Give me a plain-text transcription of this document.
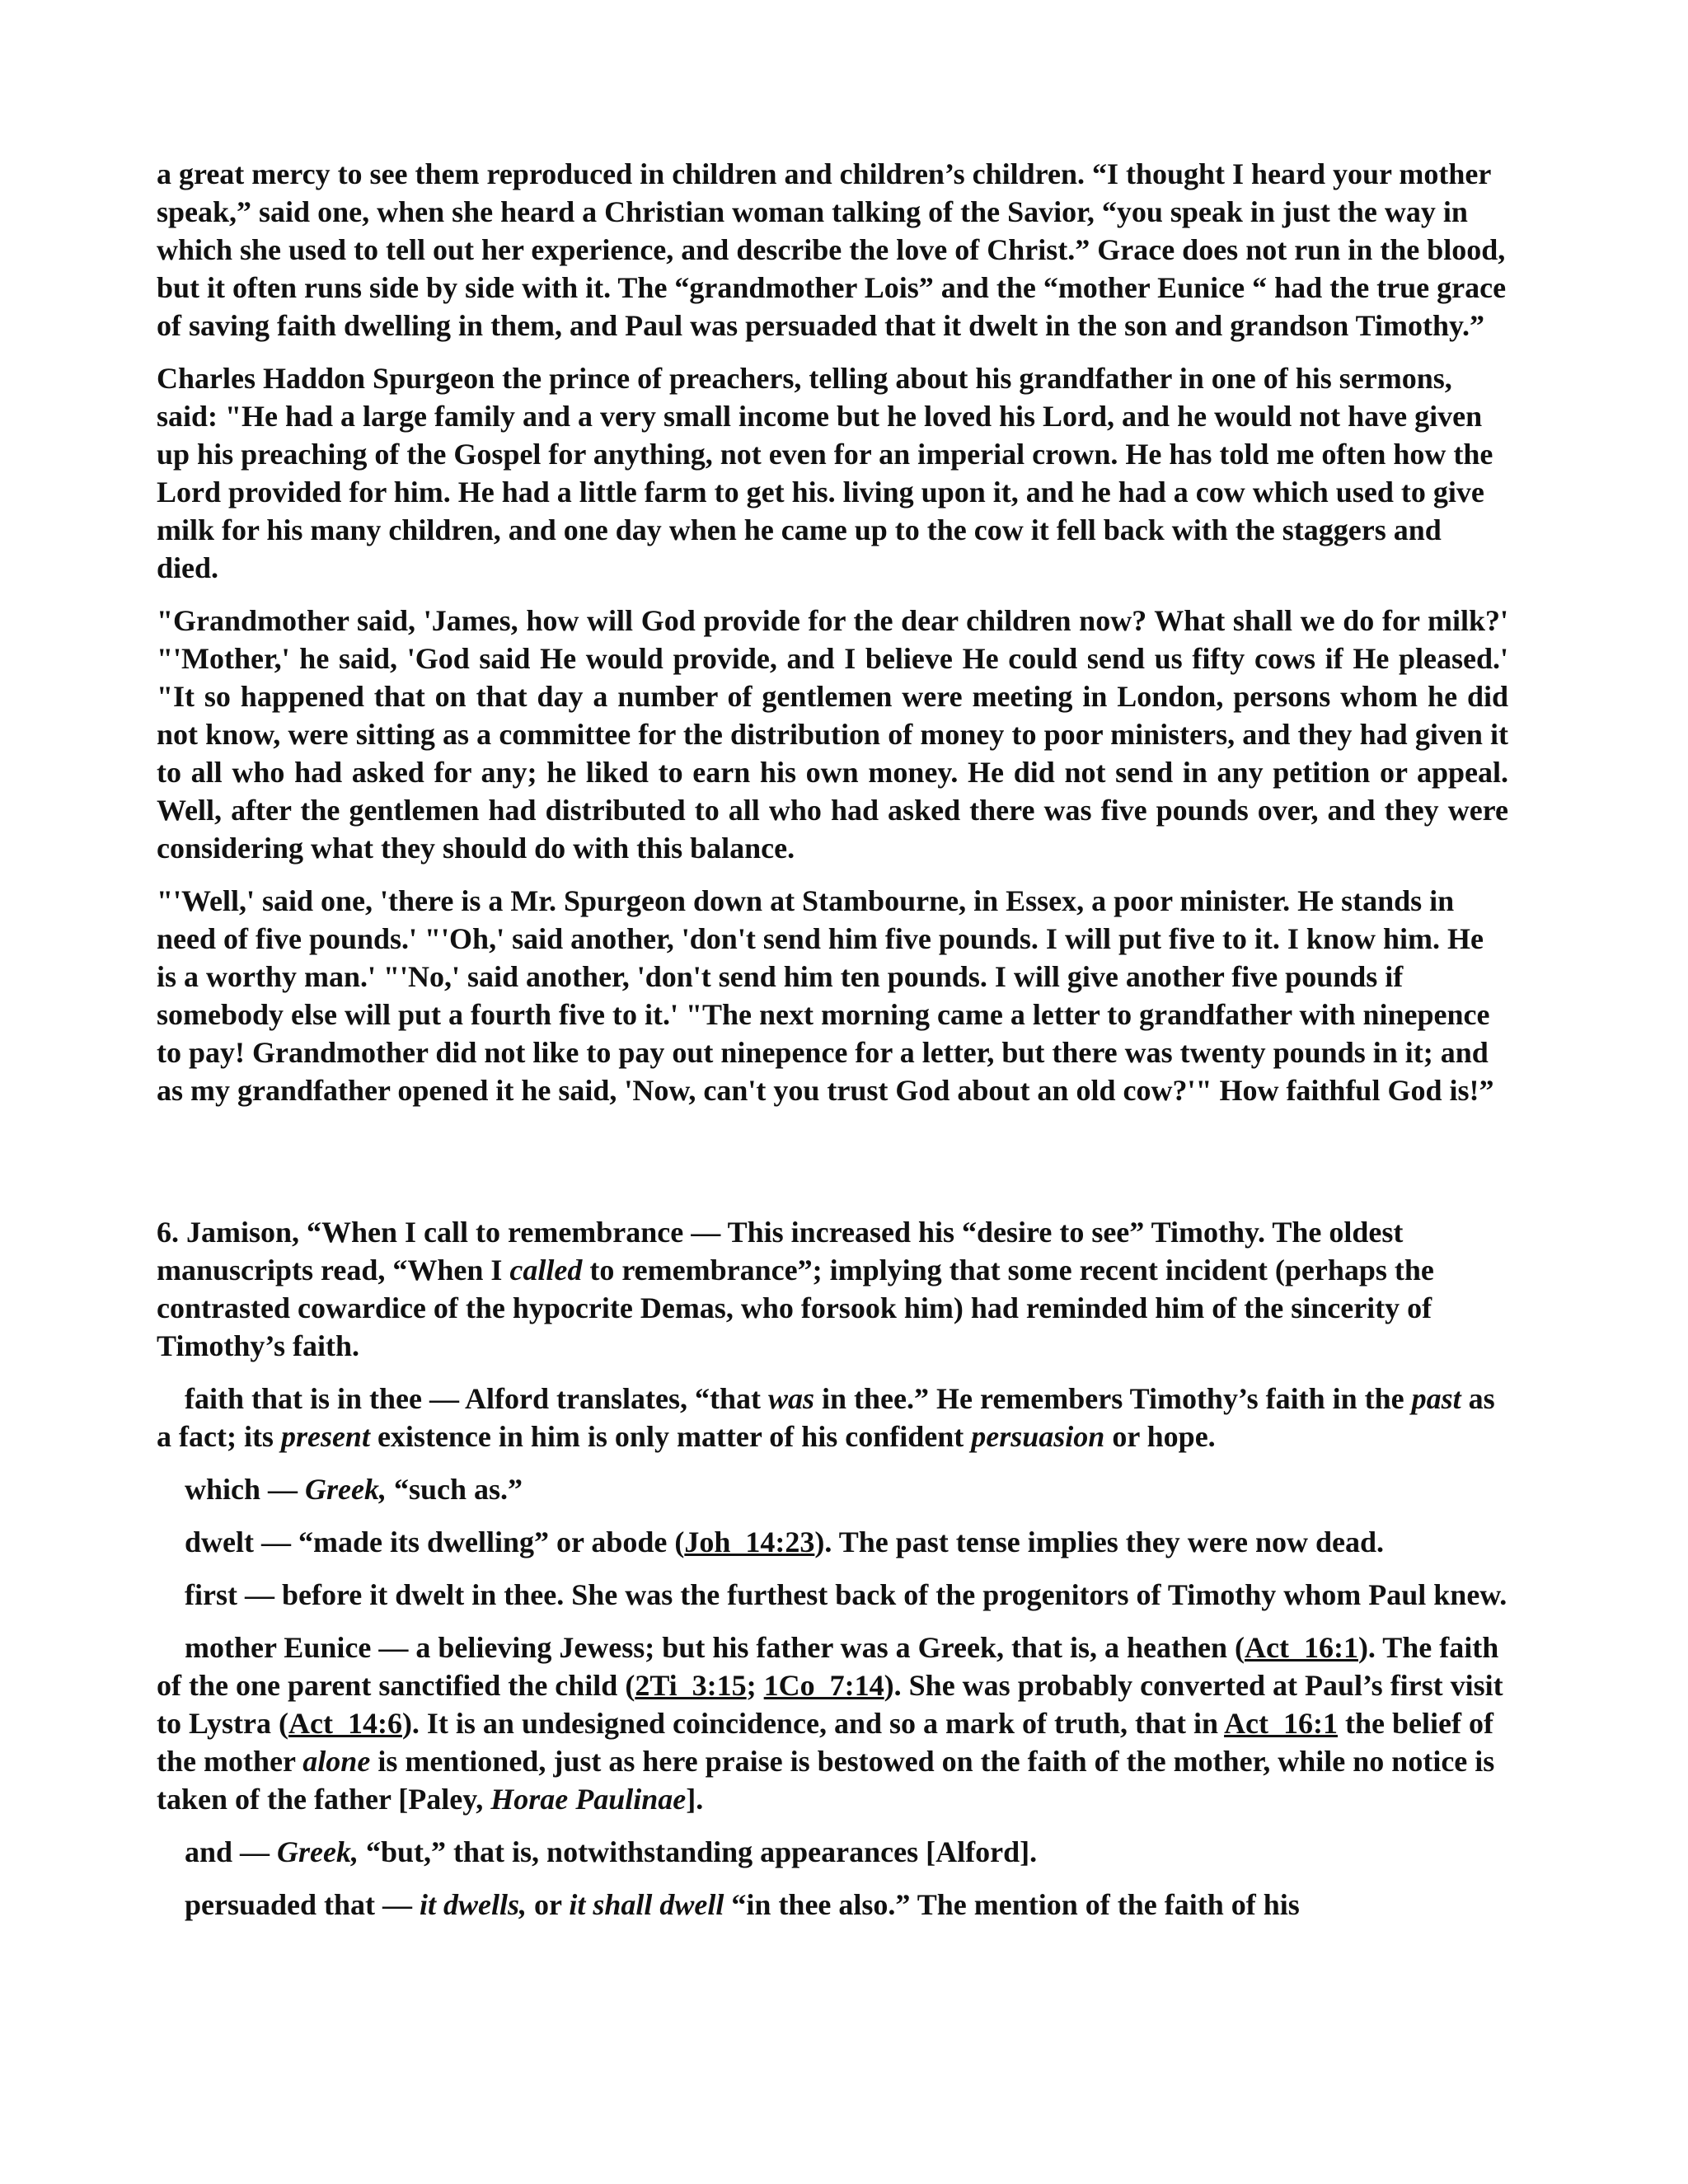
a great mercy to see them reproduced in children and children’s children. “I thought I heard your mother speak,” said one, when she heard a Christian woman talking of the Savior, “you speak in just the way in which she used to tell out her experience, and describe the love of Christ.” Grace does not run in the blood, but it often runs side by side with it. The “grandmother Lois” and the “mother Eunice “ had the true grace of saving faith dwelling in them, and Paul was persuaded that it dwelt in the son and grandson Timothy.”

Charles Haddon Spurgeon the prince of preachers, telling about his grandfather in one of his sermons, said: "He had a large family and a very small income but he loved his Lord, and he would not have given up his preaching of the Gospel for anything, not even for an imperial crown. He has told me often how the Lord provided for him. He had a little farm to get his. living upon it, and he had a cow which used to give milk for his many children, and one day when he came up to the cow it fell back with the staggers and died.

"Grandmother said, 'James, how will God provide for the dear children now? What shall we do for milk?' "'Mother,' he said, 'God said He would provide, and I believe He could send us fifty cows if He pleased.' "It so happened that on that day a number of gentlemen were meeting in London, persons whom he did not know, were sitting as a committee for the distribution of money to poor ministers, and they had given it to all who had asked for any; he liked to earn his own money. He did not send in any petition or appeal. Well, after the gentlemen had distributed to all who had asked there was five pounds over, and they were considering what they should do with this balance.

"'Well,' said one, 'there is a Mr. Spurgeon down at Stambourne, in Essex, a poor minister. He stands in need of five pounds.' "'Oh,' said another, 'don't send him five pounds. I will put five to it. I know him. He is a worthy man.' "'No,' said another, 'don't send him ten pounds. I will give another five pounds if somebody else will put a fourth five to it.' "The next morning came a letter to grandfather with ninepence to pay! Grandmother did not like to pay out ninepence for a letter, but there was twenty pounds in it; and as my grandfather opened it he said, 'Now, can't you trust God about an old cow?'" How faithful God is!”

6. Jamison, “When I call to remembrance — This increased his “desire to see” Timothy. The oldest manuscripts read, “When I called to remembrance”; implying that some recent incident (perhaps the contrasted cowardice of the hypocrite Demas, who forsook him) had reminded him of the sincerity of Timothy’s faith.

faith that is in thee — Alford translates, “that was in thee.” He remembers Timothy’s faith in the past as a fact; its present existence in him is only matter of his confident persuasion or hope.

which — Greek, “such as.”

dwelt — “made its dwelling” or abode (Joh_14:23). The past tense implies they were now dead.

first — before it dwelt in thee. She was the furthest back of the progenitors of Timothy whom Paul knew.

mother Eunice — a believing Jewess; but his father was a Greek, that is, a heathen (Act_16:1). The faith of the one parent sanctified the child (2Ti_3:15; 1Co_7:14). She was probably converted at Paul’s first visit to Lystra (Act_14:6). It is an undesigned coincidence, and so a mark of truth, that in Act_16:1 the belief of the mother alone is mentioned, just as here praise is bestowed on the faith of the mother, while no notice is taken of the father [Paley, Horae Paulinae].

and — Greek, “but,” that is, notwithstanding appearances [Alford].

persuaded that — it dwells, or it shall dwell “in thee also.” The mention of the faith of his
